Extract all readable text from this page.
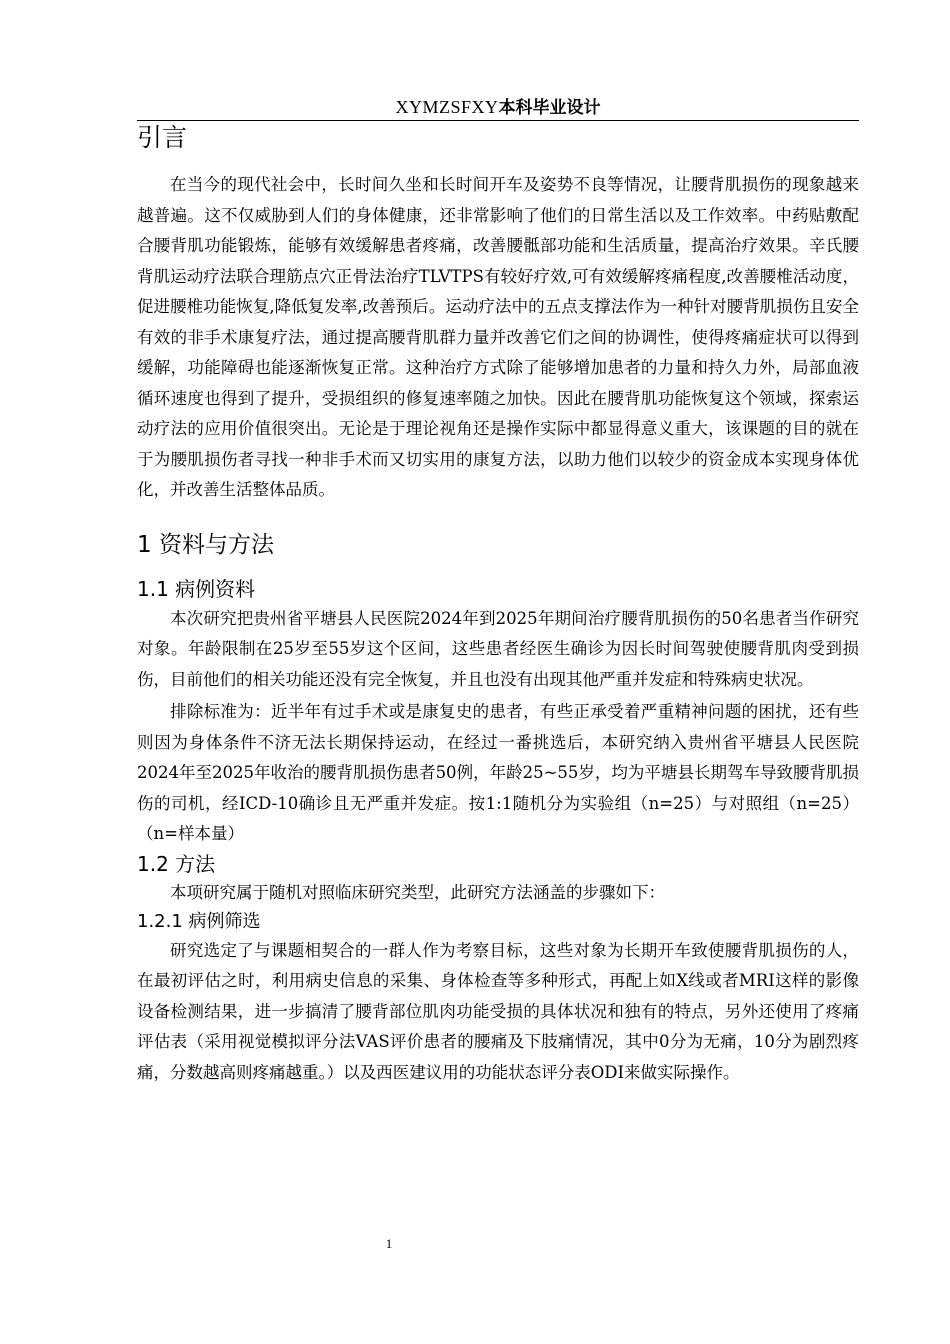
XYMZSFXY本科毕业设计
引言

在当今的现代社会中，长时间久坐和长时间开车及姿势不良等情况，让腰背肌损伤的现象越来越普遍。这不仅威胁到人们的身体健康，还非常影响了他们的日常生活以及工作效率。中药贴敷配合腰背肌功能锻炼，能够有效缓解患者疼痛，改善腰骶部功能和生活质量，提高治疗效果。辛氏腰背肌运动疗法联合理筋点穴正骨法治疗TLVTPS有较好疗效,可有效缓解疼痛程度,改善腰椎活动度，促进腰椎功能恢复,降低复发率,改善预后。运动疗法中的五点支撑法作为一种针对腰背肌损伤且安全有效的非手术康复疗法，通过提高腰背肌群力量并改善它们之间的协调性，使得疼痛症状可以得到缓解，功能障碍也能逐渐恢复正常。这种治疗方式除了能够增加患者的力量和持久力外，局部血液循环速度也得到了提升，受损组织的修复速率随之加快。因此在腰背肌功能恢复这个领域，探索运动疗法的应用价值很突出。无论是于理论视角还是操作实际中都显得意义重大，该课题的目的就在于为腰肌损伤者寻找一种非手术而又切实用的康复方法，以助力他们以较少的资金成本实现身体优化，并改善生活整体品质。

1 资料与方法
1.1 病例资料

本次研究把贵州省平塘县人民医院2024年到2025年期间治疗腰背肌损伤的50名患者当作研究对象。年龄限制在25岁至55岁这个区间，这些患者经医生确诊为因长时间驾驶使腰背肌肉受到损伤，目前他们的相关功能还没有完全恢复，并且也没有出现其他严重并发症和特殊病史状况。

排除标准为：近半年有过手术或是康复史的患者，有些正承受着严重精神问题的困扰，还有些则因为身体条件不济无法长期保持运动，在经过一番挑选后，本研究纳入贵州省平塘县人民医院2024年至2025年收治的腰背肌损伤患者50例，年龄25~55岁，均为平塘县长期驾车导致腰背肌损伤的司机，经ICD-10确诊且无严重并发症。按1:1随机分为实验组（n=25）与对照组（n=25）（n=样本量）

1.2 方法

本项研究属于随机对照临床研究类型，此研究方法涵盖的步骤如下：

1.2.1 病例筛选

研究选定了与课题相契合的一群人作为考察目标，这些对象为长期开车致使腰背肌损伤的人，在最初评估之时，利用病史信息的采集、身体检查等多种形式，再配上如X线或者MRI这样的影像设备检测结果，进一步搞清了腰背部位肌肉功能受损的具体状况和独有的特点，另外还使用了疼痛评估表（采用视觉模拟评分法VAS评价患者的腰痛及下肢痛情况，其中0分为无痛，10分为剧烈疼痛，分数越高则疼痛越重。）以及西医建议用的功能状态评分表ODI来做实际操作。

1
